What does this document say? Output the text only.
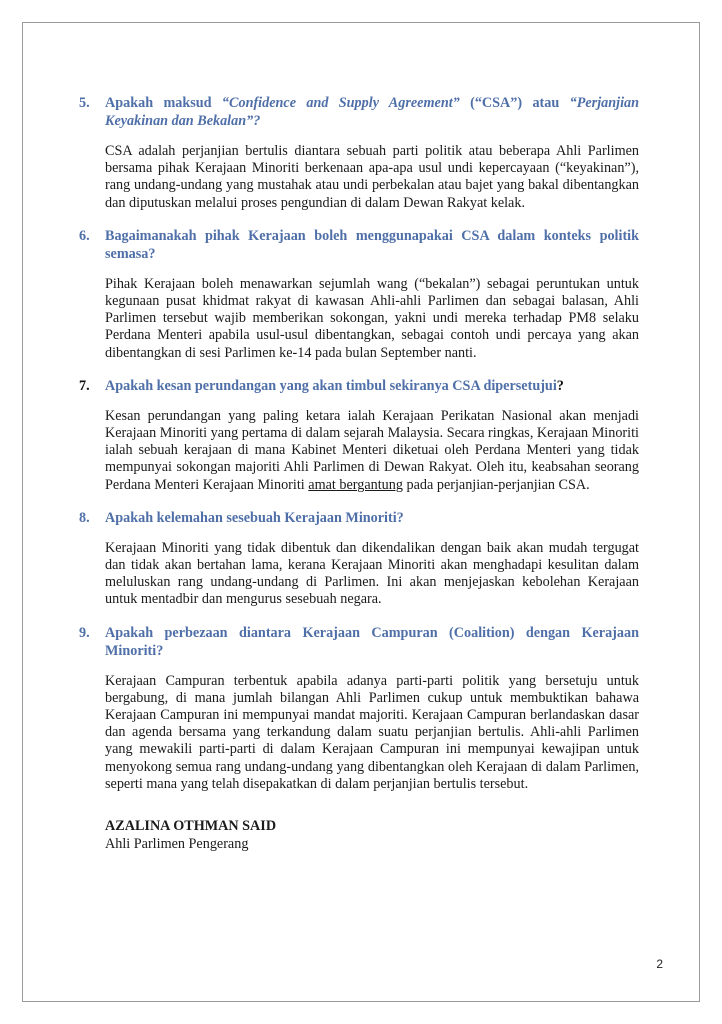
5.	Apakah maksud “Confidence and Supply Agreement” (“CSA”) atau “Perjanjian Keyakinan dan Bekalan”?

CSA adalah perjanjian bertulis diantara sebuah parti politik atau beberapa Ahli Parlimen bersama pihak Kerajaan Minoriti berkenaan apa-apa usul undi kepercayaan (“keyakinan”), rang undang-undang yang mustahak atau undi perbekalan atau bajet yang bakal dibentangkan dan diputuskan melalui proses pengundian di dalam Dewan Rakyat kelak.

6.	Bagaimanakah pihak Kerajaan boleh menggunapakai CSA dalam konteks politik semasa?

Pihak Kerajaan boleh menawarkan sejumlah wang (“bekalan”) sebagai peruntukan untuk kegunaan pusat khidmat rakyat di kawasan Ahli-ahli Parlimen dan sebagai balasan, Ahli Parlimen tersebut wajib memberikan sokongan, yakni undi mereka terhadap PM8 selaku Perdana Menteri apabila usul-usul dibentangkan, sebagai contoh undi percaya yang akan dibentangkan di sesi Parlimen ke-14 pada bulan September nanti.

7.	Apakah kesan perundangan yang akan timbul sekiranya CSA dipersetujui?

Kesan perundangan yang paling ketara ialah Kerajaan Perikatan Nasional akan menjadi Kerajaan Minoriti yang pertama di dalam sejarah Malaysia. Secara ringkas, Kerajaan Minoriti ialah sebuah kerajaan di mana Kabinet Menteri diketuai oleh Perdana Menteri yang tidak mempunyai sokongan majoriti Ahli Parlimen di Dewan Rakyat. Oleh itu, keabsahan seorang Perdana Menteri Kerajaan Minoriti amat bergantung pada perjanjian-perjanjian CSA.

8.	Apakah kelemahan sesebuah Kerajaan Minoriti?

Kerajaan Minoriti yang tidak dibentuk dan dikendalikan dengan baik akan mudah tergugat dan tidak akan bertahan lama, kerana Kerajaan Minoriti akan menghadapi kesulitan dalam meluluskan rang undang-undang di Parlimen. Ini akan menjejaskan kebolehan Kerajaan untuk mentadbir dan mengurus sesebuah negara.

9.	Apakah perbezaan diantara Kerajaan Campuran (Coalition) dengan Kerajaan Minoriti?

Kerajaan Campuran terbentuk apabila adanya parti-parti politik yang bersetuju untuk bergabung, di mana jumlah bilangan Ahli Parlimen cukup untuk membuktikan bahawa Kerajaan Campuran ini mempunyai mandat majoriti. Kerajaan Campuran berlandaskan dasar dan agenda bersama yang terkandung dalam suatu perjanjian bertulis. Ahli-ahli Parlimen yang mewakili parti-parti di dalam Kerajaan Campuran ini mempunyai kewajipan untuk menyokong semua rang undang-undang yang dibentangkan oleh Kerajaan di dalam Parlimen, seperti mana yang telah disepakatkan di dalam perjanjian bertulis tersebut.

AZALINA OTHMAN SAID
Ahli Parlimen Pengerang
2
